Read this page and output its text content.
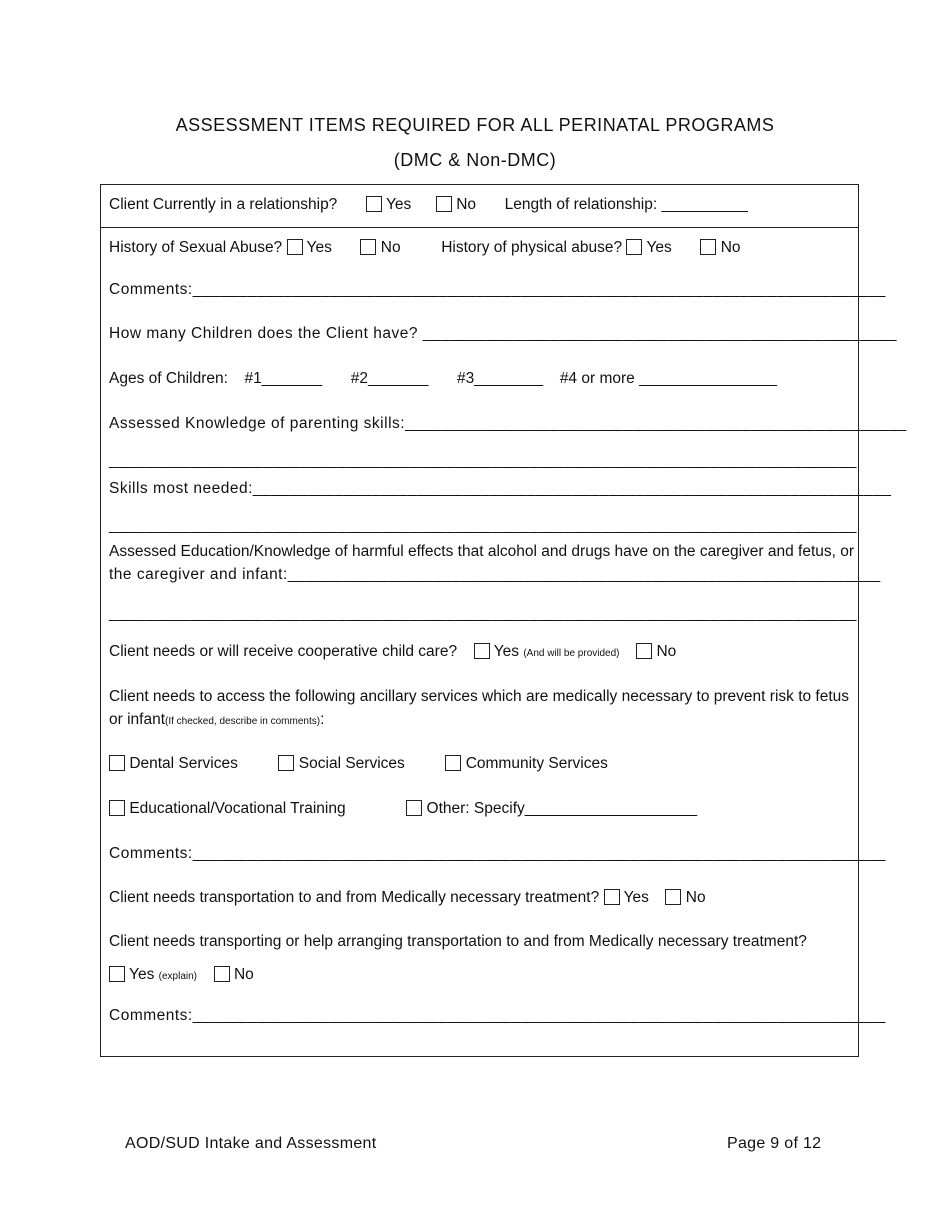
ASSESSMENT ITEMS REQUIRED FOR ALL PERINATAL PROGRAMS
(DMC & Non-DMC)
Client Currently in a relationship?	Yes	No Length of relationship: __________
History of Sexual Abuse? Yes	No	History of physical abuse? Yes	No
Comments:____________________________________________________________________________
How many Children does the Client have? ____________________________________________________
Ages of Children: #1_______ #2_______ #3________ #4 or more ________________
Assessed Knowledge of parenting skills:_______________________________________________________
__________________________________________________________________________________
Skills most needed:______________________________________________________________________
__________________________________________________________________________________
Assessed Education/Knowledge of harmful effects that alcohol and drugs have on the caregiver and fetus, or
the caregiver and infant:_________________________________________________________________
__________________________________________________________________________________
Client needs or will receive cooperative child care? Yes (And will be provided) No
Client needs to access the following ancillary services which are medically necessary to prevent risk to fetus
or infant(If checked, describe in comments):
Dental Services	Social Services	Community Services
Educational/Vocational Training	Other: Specify____________________
Comments:____________________________________________________________________________
Client needs transportation to and from Medically necessary treatment? Yes No
Client needs transporting or help arranging transportation to and from Medically necessary treatment?
Yes (explain) No
Comments:____________________________________________________________________________
AOD/SUD Intake and Assessment	Page 9 of 12
